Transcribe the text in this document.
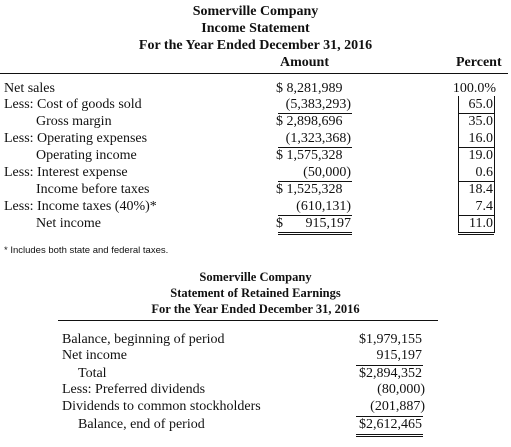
Somerville Company
Income Statement
For the Year Ended December 31, 2016
Amount	Percent
Net sales	$ 8,281,989	100.0%
Less: Cost of goods sold	(5,383,293)	65.0
Gross margin	$ 2,898,696	35.0
Less: Operating expenses	(1,323,368)	16.0
Operating income	$ 1,575,328	19.0
Less: Interest expense	(50,000)	0.6
Income before taxes	$ 1,525,328	18.4
Less: Income taxes (40%)*	(610,131)	7.4
Net income	$	915,197	11.0
* Includes both state and federal taxes.
Somerville Company
Statement of Retained Earnings
For the Year Ended December 31, 2016
Balance, beginning of period	$1,979,155
Net income	915,197
Total	$2,894,352
Less: Preferred dividends	(80,000)
Dividends to common stockholders	(201,887)
Balance, end of period	$2,612,465
